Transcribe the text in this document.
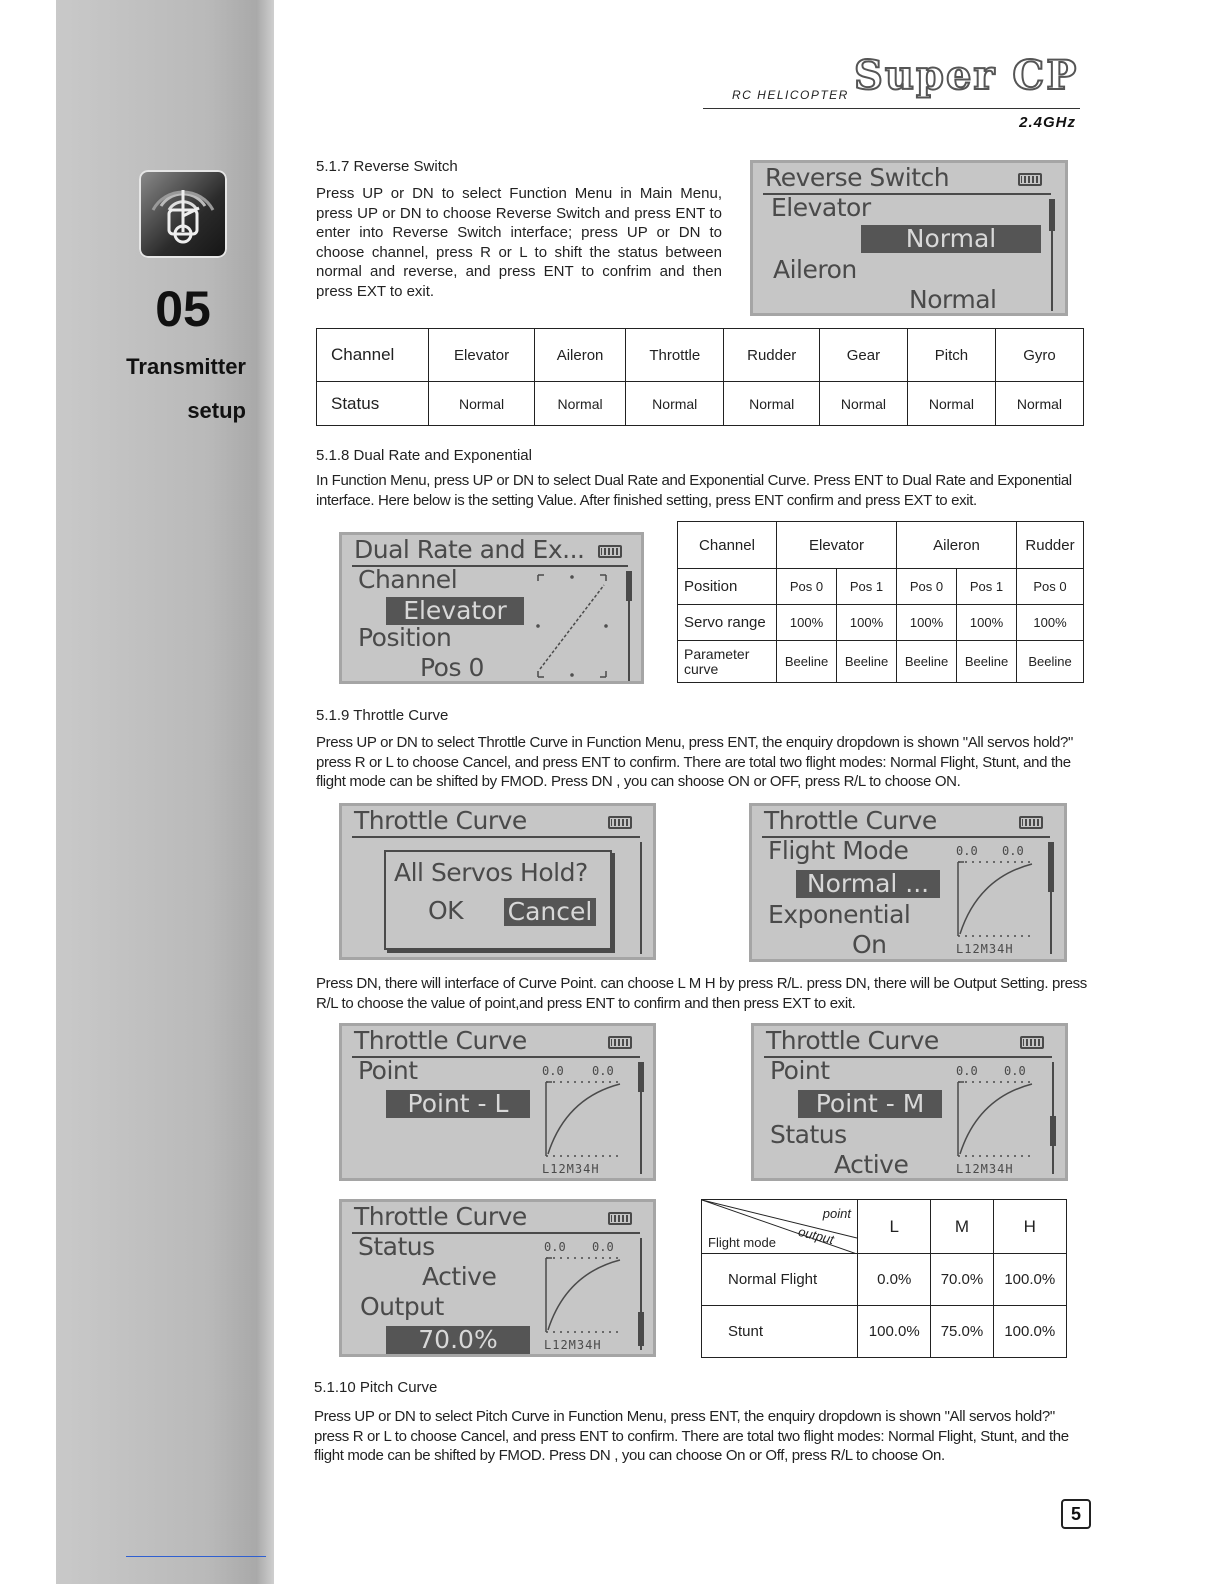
05
Transmitter
setup
RC HELICOPTER Super CP
2.4GHz
5.1.7 Reverse Switch
Press UP or DN to select Function Menu in Main Menu, press UP or DN to choose Reverse Switch and press ENT to enter into Reverse Switch interface; press UP or DN to choose channel, press R or L to shift the status between normal and reverse, and press ENT to confrim and then press EXT to exit.
Reverse Switch
Elevator
Normal
Aileron
Normal
Channel	Elevator	Aileron	Throttle	Rudder	Gear	Pitch	Gyro
Status	Normal	Normal	Normal	Normal	Normal	Normal	Normal
5.1.8 Dual Rate and Exponential
In Function Menu, press UP or DN to select Dual Rate and Exponential Curve. Press ENT to Dual Rate and Exponential interface. Here below is the setting Value. After finished setting, press ENT confirm and press EXT to exit.
Dual Rate and Ex...
Channel
Elevator
Position
Pos 0
Channel	Elevator		Aileron		Rudder
Position	Pos 0	Pos 1	Pos 0	Pos 1	Pos 0
Servo range	100%	100%	100%	100%	100%
Parameter curve	Beeline	Beeline	Beeline	Beeline	Beeline
5.1.9 Throttle Curve
Press UP or DN to select Throttle Curve in Function Menu, press ENT, the enquiry dropdown is shown "All servos hold?" press R or L to choose Cancel, and press ENT to confirm. There are total two flight modes: Normal Flight, Stunt, and the flight mode can be shifted by FMOD. Press DN , you can shoose ON or OFF, press R/L to choose ON.
Throttle Curve
All Servos Hold?
OK Cancel
Throttle Curve
Flight Mode
Normal ...
Exponential
On
0.0 0.0
L12M34H
Press DN, there will interface of Curve Point. can choose L M H by press R/L. press DN, there will be Output Setting. press R/L to choose the value of point,and press ENT to confirm and then press EXT to exit.
Throttle Curve
Point
Point - L
0.0 0.0
L12M34H
Throttle Curve
Point
Point - M
Status
Active
0.0 0.0
L12M34H
Throttle Curve
Status
Active
Output
70.0%
0.0 0.0
L12M34H
point
output
Flight mode	L	M	H
Normal Flight	0.0%	70.0%	100.0%
Stunt	100.0%	75.0%	100.0%
5.1.10 Pitch Curve
Press UP or DN to select Pitch Curve in Function Menu, press ENT, the enquiry dropdown is shown "All servos hold?" press R or L to choose Cancel, and press ENT to confirm. There are total two flight modes: Normal Flight, Stunt, and the flight mode can be shifted by FMOD. Press DN , you can choose On or Off, press R/L to choose On.
5
